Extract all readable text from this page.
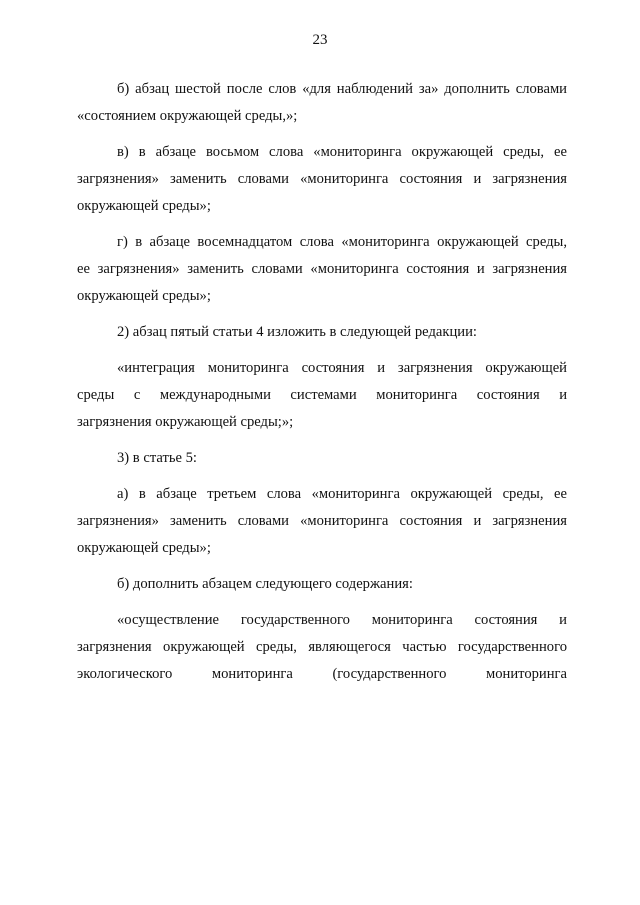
23
б) абзац шестой после слов «для наблюдений за» дополнить словами
«состоянием окружающей среды,»;
в) в абзаце восьмом слова «мониторинга окружающей среды, ее
загрязнения» заменить словами «мониторинга состояния и загрязнения
окружающей среды»;
г) в абзаце восемнадцатом слова «мониторинга окружающей среды,
ее загрязнения» заменить словами «мониторинга состояния и загрязнения
окружающей среды»;
2) абзац пятый статьи 4 изложить в следующей редакции:
«интеграция мониторинга состояния и загрязнения окружающей
среды с международными системами мониторинга состояния и
загрязнения окружающей среды;»;
3) в статье 5:
а) в абзаце третьем слова «мониторинга окружающей среды, ее
загрязнения» заменить словами «мониторинга состояния и загрязнения
окружающей среды»;
б) дополнить абзацем следующего содержания:
«осуществление государственного мониторинга состояния и
загрязнения окружающей среды, являющегося частью государственного
экологического мониторинга (государственного мониторинга
